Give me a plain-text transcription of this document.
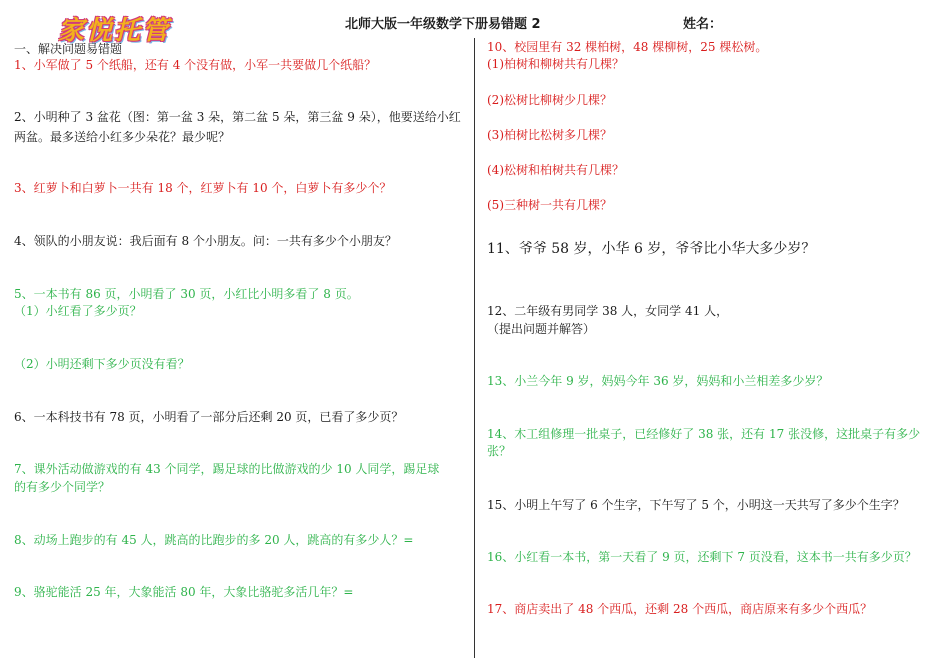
家悦托管	北师大版一年级数学下册易错题 2	姓名：
一、解决问题易错题
1、小军做了 5 个纸船，还有 4 个没有做，小军一共要做几个纸船？
2、小明种了 3 盆花（图：第一盆 3 朵，第二盆 5 朵，第三盆 9 朵），他要送给小红
两盆。最多送给小红多少朵花？最少呢？
3、红萝卜和白萝卜一共有 18 个，红萝卜有 10 个，白萝卜有多少个？
4、领队的小朋友说：我后面有 8 个小朋友。问：一共有多少个小朋友？
5、一本书有 86 页，小明看了 30 页，小红比小明多看了 8 页。
（1）小红看了多少页？
（2）小明还剩下多少页没有看？
6、一本科技书有 78 页，小明看了一部分后还剩 20 页，已看了多少页？
7、课外活动做游戏的有 43 个同学，踢足球的比做游戏的少 10 人同学，踢足球
的有多少个同学？
8、动场上跑步的有 45 人，跳高的比跑步的多 20 人，跳高的有多少人？=
9、骆驼能活 25 年，大象能活 80 年，大象比骆驼多活几年？=
10、校园里有 32 棵柏树，48 棵柳树，25 棵松树。
(1)柏树和柳树共有几棵？
(2)松树比柳树少几棵？
(3)柏树比松树多几棵？
(4)松树和柏树共有几棵？
(5)三种树一共有几棵？
11、爷爷 58 岁，小华 6 岁，爷爷比小华大多少岁？
12、二年级有男同学 38 人，女同学 41 人，
（提出问题并解答）
13、小兰今年 9 岁，妈妈今年 36 岁，妈妈和小兰相差多少岁？
14、木工组修理一批桌子，已经修好了 38 张，还有 17 张没修，这批桌子有多少
张？
15、小明上午写了 6 个生字，下午写了 5 个，小明这一天共写了多少个生字？
16、小红看一本书，第一天看了 9 页，还剩下 7 页没看，这本书一共有多少页？
17、商店卖出了 48 个西瓜，还剩 28 个西瓜，商店原来有多少个西瓜？
